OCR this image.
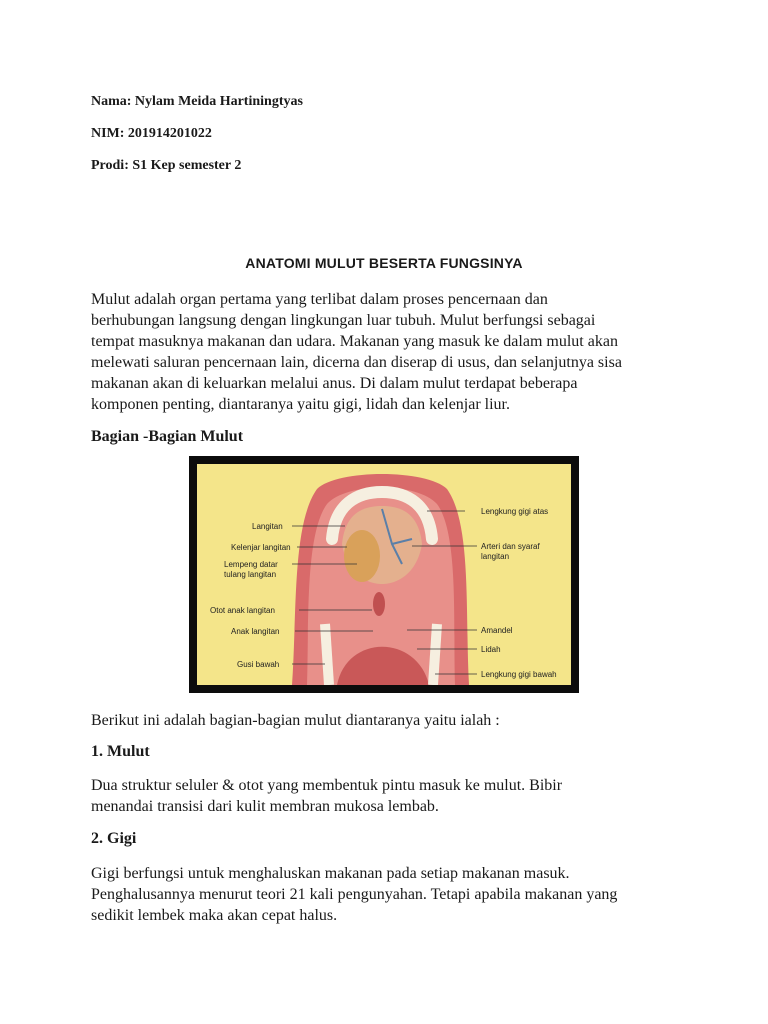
Nama: Nylam Meida Hartiningtyas
NIM: 201914201022
Prodi: S1 Kep semester 2
ANATOMI MULUT BESERTA FUNGSINYA
Mulut adalah organ pertama yang terlibat dalam proses pencernaan dan
berhubungan langsung dengan lingkungan luar tubuh. Mulut berfungsi sebagai
tempat masuknya makanan dan udara. Makanan yang masuk ke dalam mulut akan
melewati saluran pencernaan lain, dicerna dan diserap di usus, dan selanjutnya sisa
makanan akan di keluarkan melalui anus. Di dalam mulut terdapat beberapa
komponen penting, diantaranya yaitu gigi, lidah dan kelenjar liur.
Bagian -Bagian Mulut
Langitan
Kelenjar langitan
Lempeng datar
tulang langitan
Otot anak langitan
Anak langitan
Gusi bawah
Lengkung gigi atas
Arteri dan syaraf
langitan
Amandel
Lidah
Lengkung gigi bawah
Berikut ini adalah bagian-bagian mulut diantaranya yaitu ialah :
1. Mulut
Dua struktur seluler & otot yang membentuk pintu masuk ke mulut. Bibir
menandai transisi dari kulit membran mukosa lembab.
2. Gigi
Gigi berfungsi untuk menghaluskan makanan pada setiap makanan masuk.
Penghalusannya menurut teori 21 kali pengunyahan. Tetapi apabila makanan yang
sedikit lembek maka akan cepat halus.
